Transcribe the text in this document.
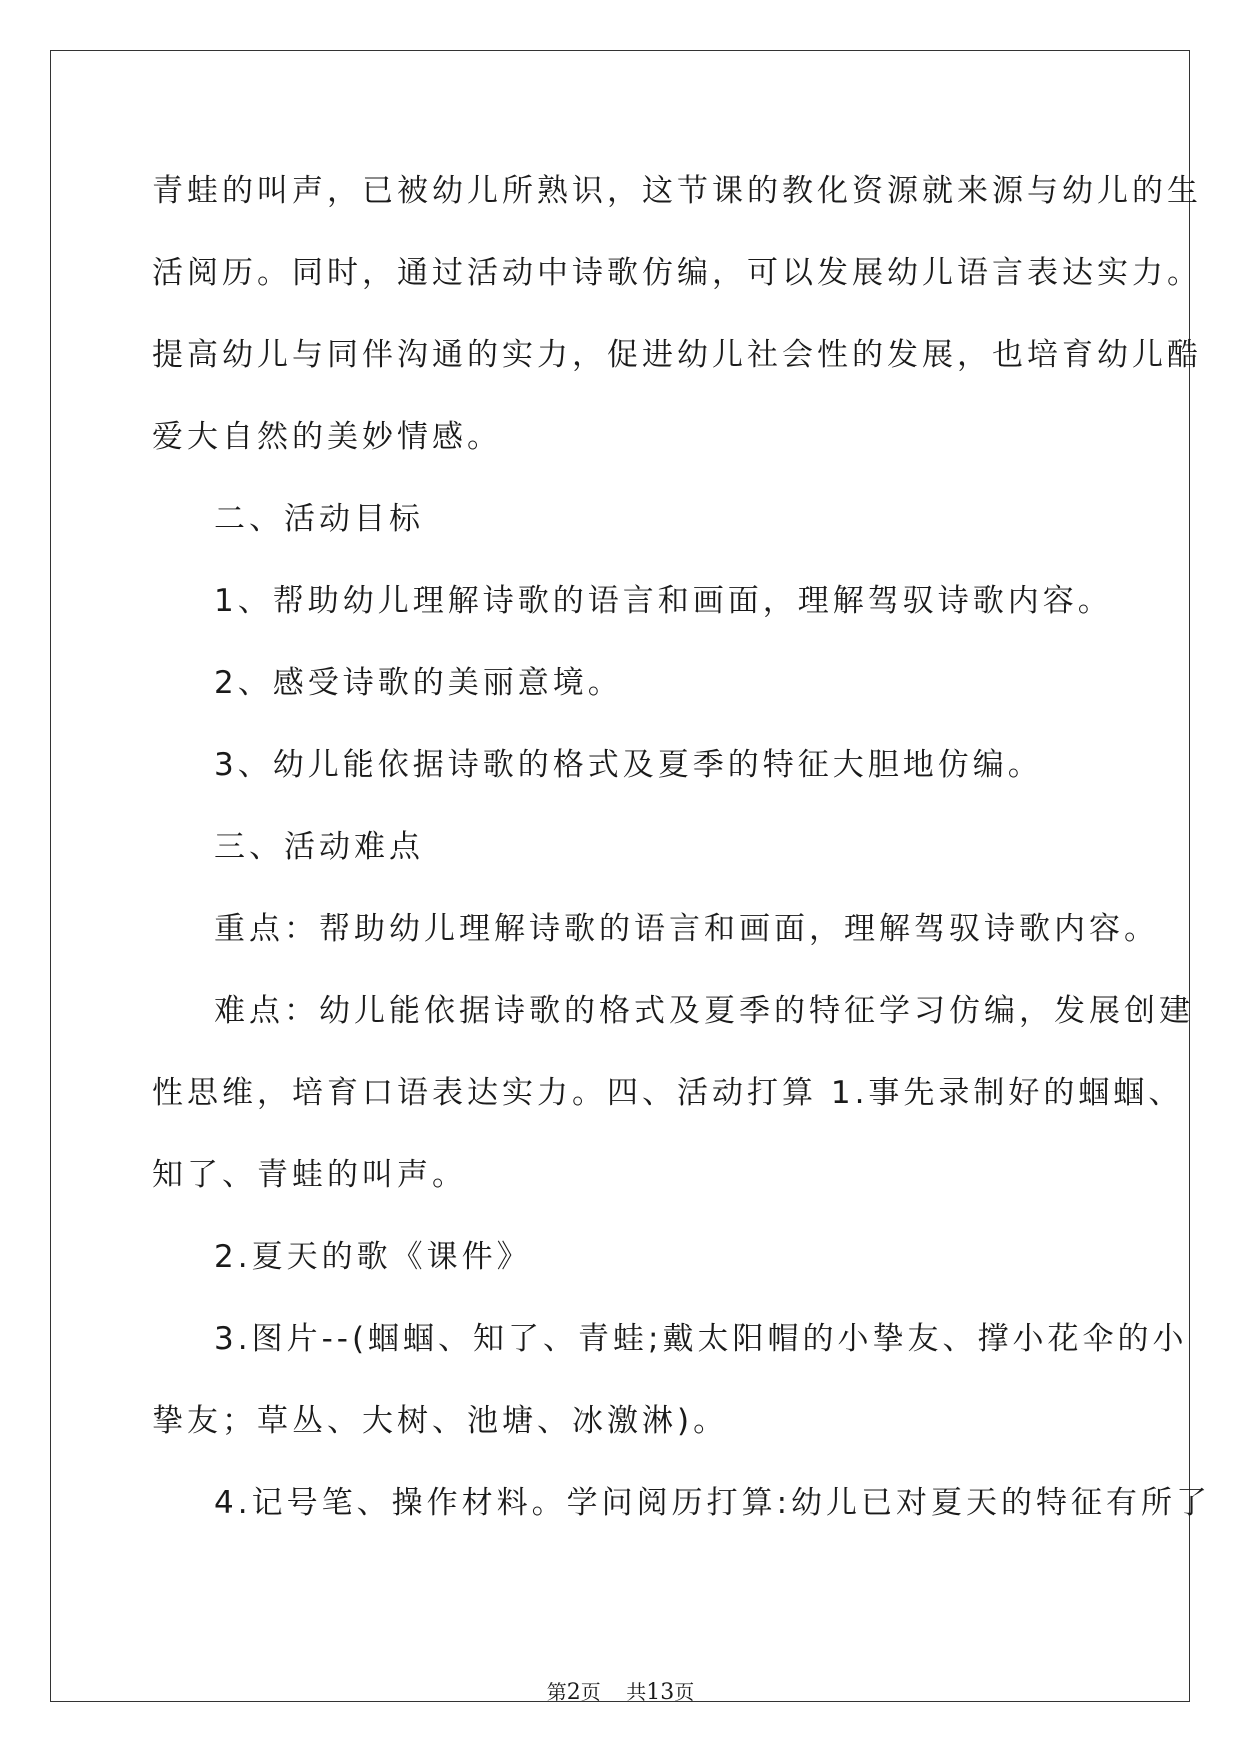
青蛙的叫声，已被幼儿所熟识，这节课的教化资源就来源与幼儿的生
活阅历。同时，通过活动中诗歌仿编，可以发展幼儿语言表达实力。
提高幼儿与同伴沟通的实力，促进幼儿社会性的发展，也培育幼儿酷
爱大自然的美妙情感。
二、活动目标
1、帮助幼儿理解诗歌的语言和画面，理解驾驭诗歌内容。
2、感受诗歌的美丽意境。
3、幼儿能依据诗歌的格式及夏季的特征大胆地仿编。
三、活动难点
重点：帮助幼儿理解诗歌的语言和画面，理解驾驭诗歌内容。
难点：幼儿能依据诗歌的格式及夏季的特征学习仿编，发展创建
性思维，培育口语表达实力。四、活动打算 1.事先录制好的蝈蝈、
知了、青蛙的叫声。
2.夏天的歌《课件》
3.图片--(蝈蝈、知了、青蛙;戴太阳帽的小挚友、撑小花伞的小
挚友；草丛、大树、池塘、冰激淋)。
4.记号笔、操作材料。学问阅历打算:幼儿已对夏天的特征有所了
第2页 共13页
